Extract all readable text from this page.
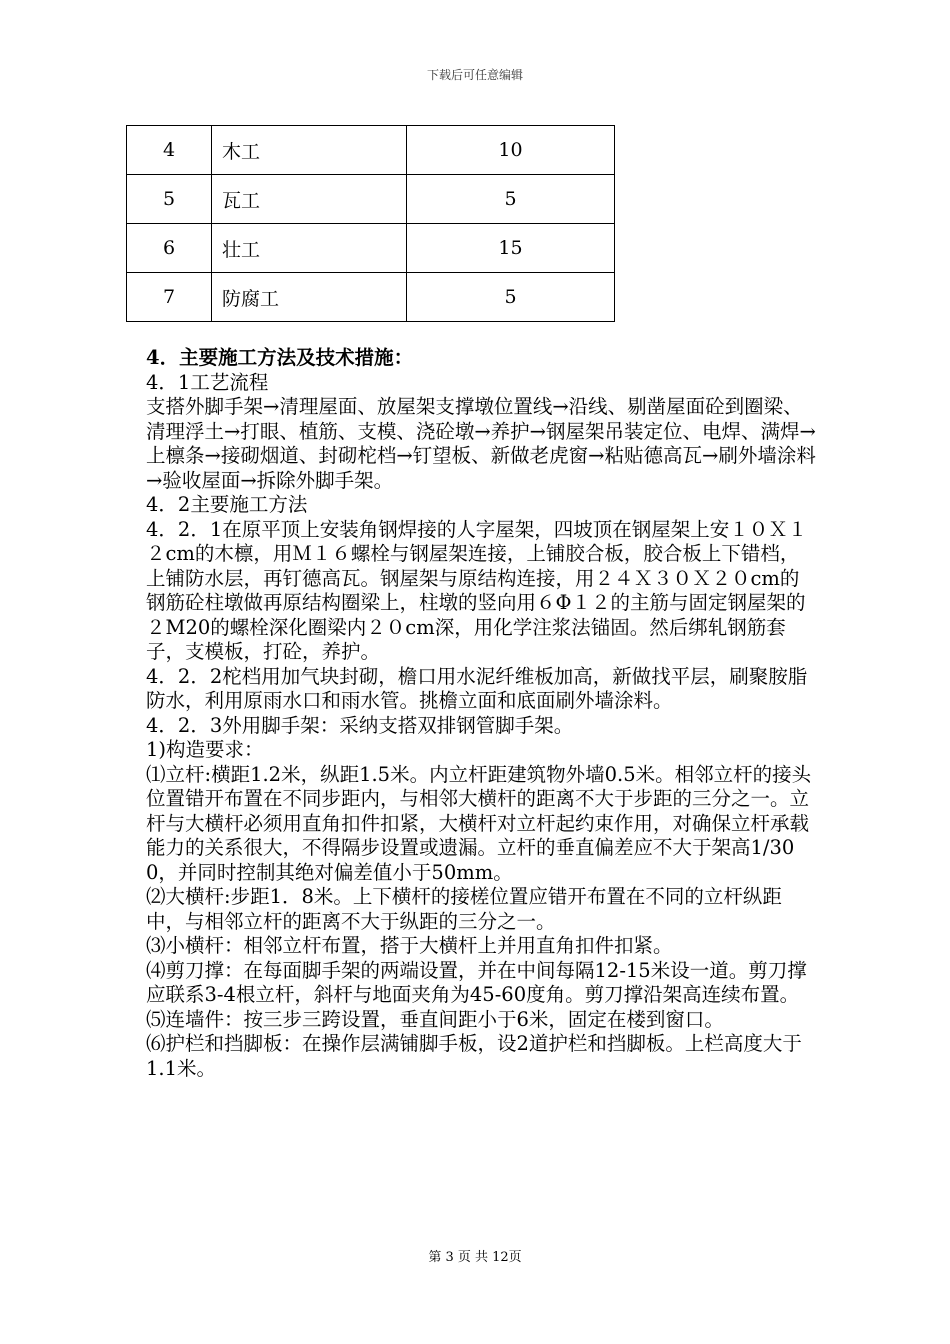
下载后可任意编辑
4	木工	10
5	瓦工	5
6	壮工	15
7	防腐工	5

4．主要施工方法及技术措施：

4．1工艺流程

支搭外脚手架→清理屋面、放屋架支撑墩位置线→沿线、剔凿屋面砼到圈梁、清理浮土→打眼、植筋、支模、浇砼墩→养护→钢屋架吊装定位、电焊、满焊→上檩条→接砌烟道、封砌柁档→钉望板、新做老虎窗→粘贴德高瓦→刷外墙涂料→验收屋面→拆除外脚手架。

4．2主要施工方法

4．2．1在原平顶上安装角钢焊接的人字屋架，四坡顶在钢屋架上安１０Ｘ１２cm的木檩，用Ｍ１６螺栓与钢屋架连接，上铺胶合板，胶合板上下错档，上铺防水层，再钉德高瓦。钢屋架与原结构连接，用２４Ｘ３０Ｘ２０cm的钢筋砼柱墩做再原结构圈梁上，柱墩的竖向用６Φ１２的主筋与固定钢屋架的２M20的螺栓深化圈梁内２０cm深，用化学注浆法锚固。然后绑轧钢筋套子，支模板，打砼，养护。

4．2．2柁档用加气块封砌，檐口用水泥纤维板加高，新做找平层，刷聚胺脂防水，利用原雨水口和雨水管。挑檐立面和底面刷外墙涂料。

4．2．3外用脚手架：采纳支搭双排钢管脚手架。

1)构造要求：

⑴立杆:横距1.2米，纵距1.5米。内立杆距建筑物外墙0.5米。相邻立杆的接头位置错开布置在不同步距内，与相邻大横杆的距离不大于步距的三分之一。立杆与大横杆必须用直角扣件扣紧，大横杆对立杆起约束作用，对确保立杆承载能力的关系很大，不得隔步设置或遗漏。立杆的垂直偏差应不大于架高1/300，并同时控制其绝对偏差值小于50mm。

⑵大横杆:步距1．8米。上下横杆的接槎位置应错开布置在不同的立杆纵距中，与相邻立杆的距离不大于纵距的三分之一。

⑶小横杆：相邻立杆布置，搭于大横杆上并用直角扣件扣紧。

⑷剪刀撑：在每面脚手架的两端设置，并在中间每隔12-15米设一道。剪刀撑应联系3-4根立杆，斜杆与地面夹角为45-60度角。剪刀撑沿架高连续布置。

⑸连墙件：按三步三跨设置，垂直间距小于6米，固定在楼到窗口。

⑹护栏和挡脚板：在操作层满铺脚手板，设2道护栏和挡脚板。上栏高度大于 1.1米。

第 3 页 共 12页
